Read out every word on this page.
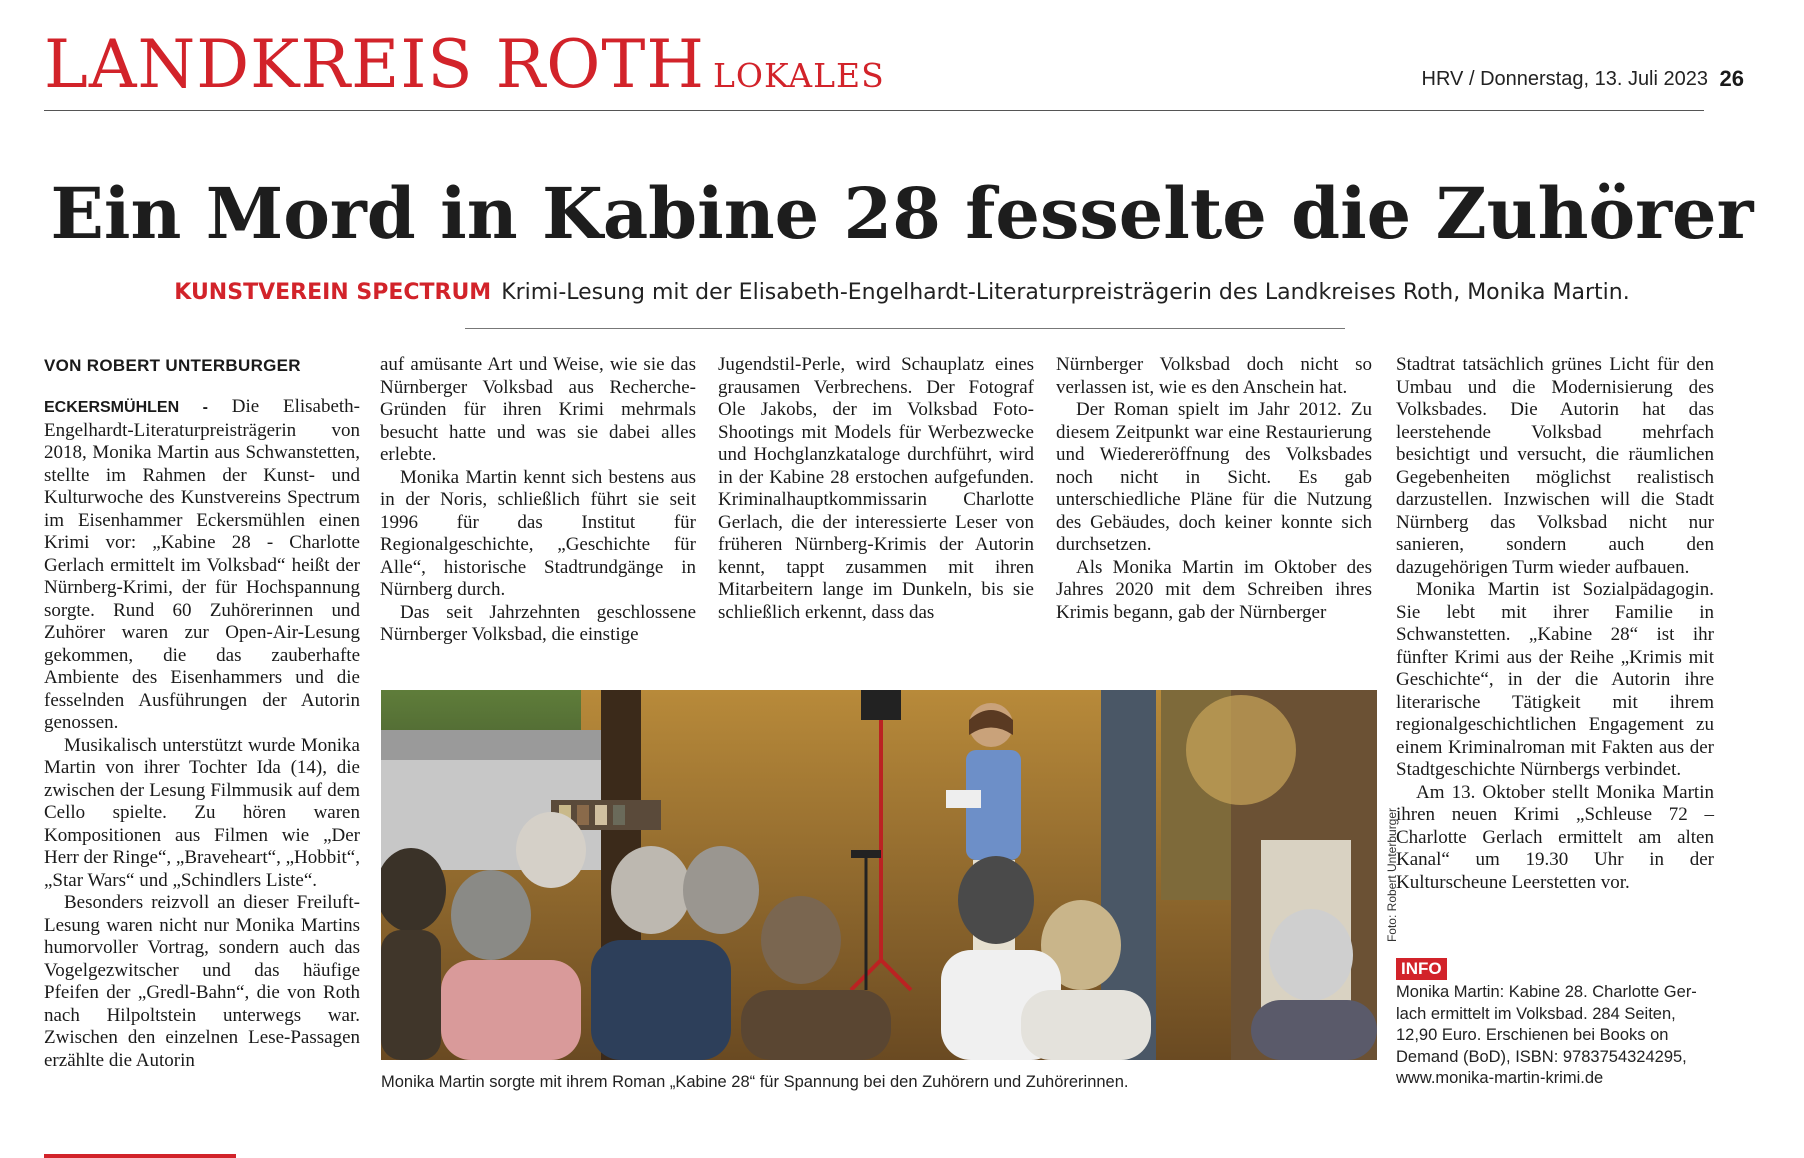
LANDKREIS ROTH LOKALES	HRV / Donnerstag, 13. Juli 2023 26
Ein Mord in Kabine 28 fesselte die Zuhörer
KUNSTVEREIN SPECTRUM Krimi-Lesung mit der Elisabeth-Engelhardt-Literaturpreisträgerin des Landkreises Roth, Monika Martin.
VON ROBERT UNTERBURGER

ECKERSMÜHLEN - Die Elisabeth-Engelhardt-Literaturpreisträgerin von 2018, Monika Martin aus Schwanstetten, stellte im Rahmen der Kunst- und Kulturwoche des Kunstvereins Spectrum im Eisenhammer Eckersmühlen einen Krimi vor: „Kabine 28 - Charlotte Gerlach ermittelt im Volksbad“ heißt der Nürnberg-Krimi, der für Hochspannung sorgte. Rund 60 Zuhörerinnen und Zuhörer waren zur Open-Air-Lesung gekommen, die das zauberhafte Ambiente des Eisenhammers und die fesselnden Ausführungen der Autorin genossen.

Musikalisch unterstützt wurde Monika Martin von ihrer Tochter Ida (14), die zwischen der Lesung Filmmusik auf dem Cello spielte. Zu hören waren Kompositionen aus Filmen wie „Der Herr der Ringe“, „Braveheart“, „Hobbit“, „Star Wars“ und „Schindlers Liste“.

Besonders reizvoll an dieser Freiluft-Lesung waren nicht nur Monika Martins humorvoller Vortrag, sondern auch das Vogelgezwitscher und das häufige Pfeifen der „Gredl-Bahn“, die von Roth nach Hilpoltstein unterwegs war. Zwischen den einzelnen Lese-Passagen erzählte die Autorin

auf amüsante Art und Weise, wie sie das Nürnberger Volksbad aus Recherche-Gründen für ihren Krimi mehrmals besucht hatte und was sie dabei alles erlebte.

Monika Martin kennt sich bestens aus in der Noris, schließlich führt sie seit 1996 für das Institut für Regionalgeschichte, „Geschichte für Alle“, historische Stadtrundgänge in Nürnberg durch.

Das seit Jahrzehnten geschlossene Nürnberger Volksbad, die einstige

Jugendstil-Perle, wird Schauplatz eines grausamen Verbrechens. Der Fotograf Ole Jakobs, der im Volksbad Foto-Shootings mit Models für Werbezwecke und Hochglanzkataloge durchführt, wird in der Kabine 28 erstochen aufgefunden. Kriminalhauptkommissarin Charlotte Gerlach, die der interessierte Leser von früheren Nürnberg-Krimis der Autorin kennt, tappt zusammen mit ihren Mitarbeitern lange im Dunkeln, bis sie schließlich erkennt, dass das

Nürnberger Volksbad doch nicht so verlassen ist, wie es den Anschein hat.

Der Roman spielt im Jahr 2012. Zu diesem Zeitpunkt war eine Restaurierung und Wiedereröffnung des Volksbades noch nicht in Sicht. Es gab unterschiedliche Pläne für die Nutzung des Gebäudes, doch keiner konnte sich durchsetzen.

Als Monika Martin im Oktober des Jahres 2020 mit dem Schreiben ihres Krimis begann, gab der Nürnberger

Stadtrat tatsächlich grünes Licht für den Umbau und die Modernisierung des Volksbades. Die Autorin hat das leerstehende Volksbad mehrfach besichtigt und versucht, die räumlichen Gegebenheiten möglichst realistisch darzustellen. Inzwischen will die Stadt Nürnberg das Volksbad nicht nur sanieren, sondern auch den dazugehörigen Turm wieder aufbauen.

Monika Martin ist Sozialpädagogin. Sie lebt mit ihrer Familie in Schwanstetten. „Kabine 28“ ist ihr fünfter Krimi aus der Reihe „Krimis mit Geschichte“, in der die Autorin ihre literarische Tätigkeit mit ihrem regionalgeschichtlichen Engagement zu einem Kriminalroman mit Fakten aus der Stadtgeschichte Nürnbergs verbindet.

Am 13. Oktober stellt Monika Martin ihren neuen Krimi „Schleuse 72 – Charlotte Gerlach ermittelt am alten Kanal“ um 19.30 Uhr in der Kulturscheune Leerstetten vor.

Foto: Robert Unterburger
Monika Martin sorgte mit ihrem Roman „Kabine 28“ für Spannung bei den Zuhörern und Zuhörerinnen.
INFO
Monika Martin: Kabine 28. Charlotte Ger-
lach ermittelt im Volksbad. 284 Seiten,
12,90 Euro. Erschienen bei Books on
Demand (BoD), ISBN: 9783754324295,
www.monika-martin-krimi.de
